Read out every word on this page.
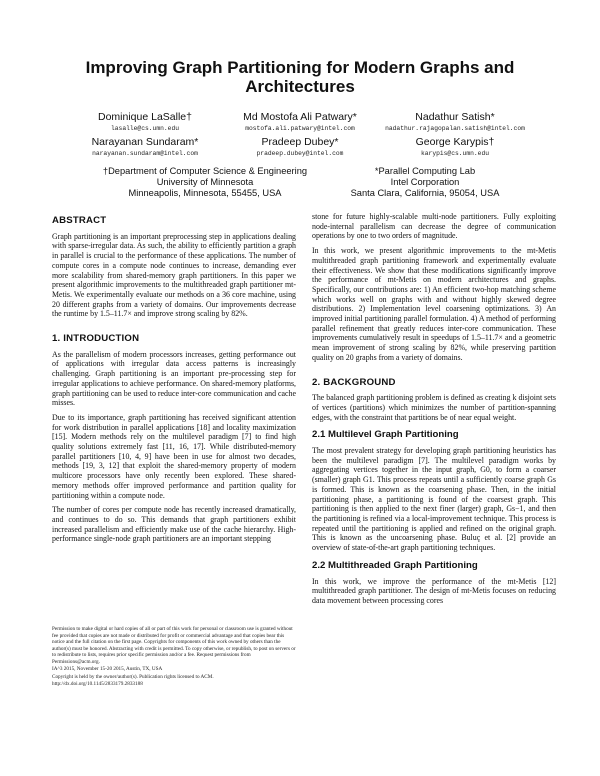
Improving Graph Partitioning for Modern Graphs and Architectures
Dominique LaSalle†
lasalle@cs.umn.edu
Md Mostofa Ali Patwary*
mostofa.ali.patwary@intel.com
Nadathur Satish*
nadathur.rajagopalan.satish@intel.com
Narayanan Sundaram*
narayanan.sundaram@intel.com
Pradeep Dubey*
pradeep.dubey@intel.com
George Karypis†
karypis@cs.umn.edu
†Department of Computer Science & Engineering
University of Minnesota
Minneapolis, Minnesota, 55455, USA
*Parallel Computing Lab
Intel Corporation
Santa Clara, California, 95054, USA
ABSTRACT

Graph partitioning is an important preprocessing step in applications dealing with sparse-irregular data. As such, the ability to efficiently partition a graph in parallel is crucial to the performance of these applications. The number of compute cores in a compute node continues to increase, demanding ever more scalability from shared-memory graph partitioners. In this paper we present algorithmic improvements to the multithreaded graph partitioner mt-Metis. We experimentally evaluate our methods on a 36 core machine, using 20 different graphs from a variety of domains. Our improvements decrease the runtime by 1.5–11.7× and improve strong scaling by 82%.

1. INTRODUCTION

As the parallelism of modern processors increases, getting performance out of applications with irregular data access patterns is increasingly challenging. Graph partitioning is an important pre-processing step for irregular applications to achieve performance. On shared-memory platforms, graph partitioning can be used to reduce inter-core communication and cache misses.

Due to its importance, graph partitioning has received significant attention for work distribution in parallel applications [18] and locality maximization [15]. Modern methods rely on the multilevel paradigm [7] to find high quality solutions extremely fast [11, 16, 17]. While distributed-memory parallel partitioners [10, 4, 9] have been in use for almost two decades, methods [19, 3, 12] that exploit the shared-memory property of modern multicore processors have only recently been explored. These shared-memory methods offer improved performance and partition quality for partitioning within a compute node.

The number of cores per compute node has recently increased dramatically, and continues to do so. This demands that graph partitioners exhibit increased parallelism and efficiently make use of the cache hierarchy. High-performance single-node graph partitioners are an important stepping

Permission to make digital or hard copies of all or part of this work for personal or classroom use is granted without fee provided that copies are not made or distributed for profit or commercial advantage and that copies bear this notice and the full citation on the first page. Copyrights for components of this work owned by others than the author(s) must be honored. Abstracting with credit is permitted. To copy otherwise, or republish, to post on servers or to redistribute to lists, requires prior specific permission and/or a fee. Request permissions from Permissions@acm.org.

IA^3 2015, November 15-20 2015, Austin, TX, USA

Copyright is held by the owner/author(s). Publication rights licensed to ACM.

http://dx.doi.org/10.1145/2833179.2833188

stone for future highly-scalable multi-node partitioners. Fully exploiting node-internal parallelism can decrease the degree of communication operations by one to two orders of magnitude.

In this work, we present algorithmic improvements to the mt-Metis multithreaded graph partitioning framework and experimentally evaluate their effectiveness. We show that these modifications significantly improve the performance of mt-Metis on modern architectures and graphs. Specifically, our contributions are: 1) An efficient two-hop matching scheme which works well on graphs with and without highly skewed degree distributions. 2) Implementation level coarsening optimizations. 3) An improved initial partitioning parallel formulation. 4) A method of performing parallel refinement that greatly reduces inter-core communication. These improvements cumulatively result in speedups of 1.5–11.7× and a geometric mean improvement of strong scaling by 82%, while preserving partition quality on 20 graphs from a variety of domains.

2. BACKGROUND

The balanced graph partitioning problem is defined as creating k disjoint sets of vertices (partitions) which minimizes the number of partition-spanning edges, with the constraint that partitions be of near equal weight.

2.1 Multilevel Graph Partitioning

The most prevalent strategy for developing graph partitioning heuristics has been the multilevel paradigm [7]. The multilevel paradigm works by aggregating vertices together in the input graph, G0, to form a coarser (smaller) graph G1. This process repeats until a sufficiently coarse graph Gs is formed. This is known as the coarsening phase. Then, in the initial partitioning phase, a partitioning is found of the coarsest graph. This partitioning is then applied to the next finer (larger) graph, Gs−1, and then the partitioning is refined via a local-improvement technique. This process is repeated until the partitioning is applied and refined on the original graph. This is known as the uncoarsening phase. Buluç et al. [2] provide an overview of state-of-the-art graph partitioning techniques.

2.2 Multithreaded Graph Partitioning

In this work, we improve the performance of the mt-Metis [12] multithreaded graph partitioner. The design of mt-Metis focuses on reducing data movement between processing cores
